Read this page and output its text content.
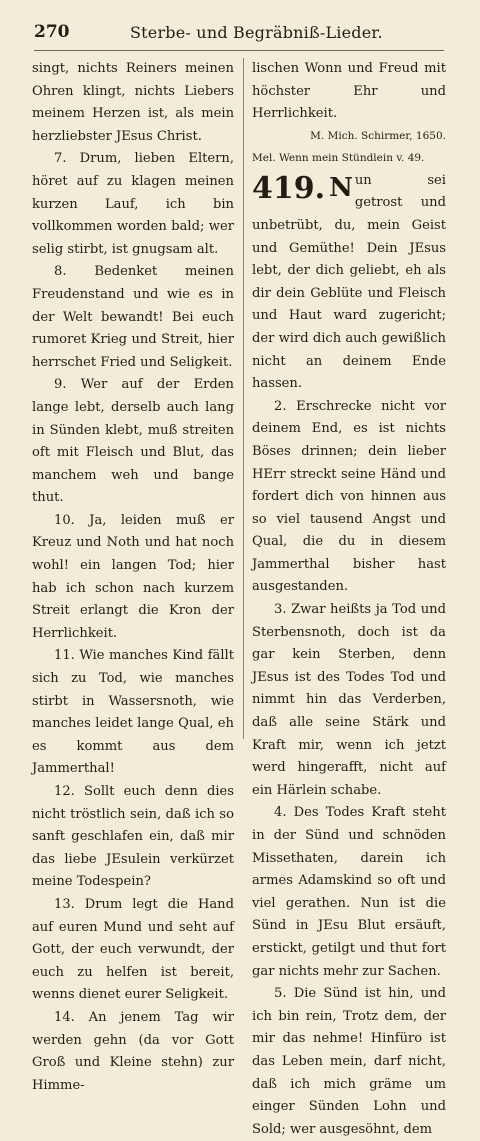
270	Sterbe- und Begräbniß-Lieder.

singt, nichts Reiners meinen Ohren klingt, nichts Liebers meinem Herzen ist, als mein herzliebster JEsus Christ.

7. Drum, lieben Eltern, höret auf zu klagen meinen kurzen Lauf, ich bin vollkommen worden bald; wer selig stirbt, ist gnugsam alt.

8. Bedenket meinen Freudenstand und wie es in der Welt bewandt! Bei euch rumoret Krieg und Streit, hier herrschet Fried und Seligkeit.

9. Wer auf der Erden lange lebt, derselb auch lang in Sünden klebt, muß streiten oft mit Fleisch und Blut, das manchem weh und bange thut.

10. Ja, leiden muß er Kreuz und Noth und hat noch wohl! ein langen Tod; hier hab ich schon nach kurzem Streit erlangt die Kron der Herrlichkeit.

11. Wie manches Kind fällt sich zu Tod, wie manches stirbt in Wassersnoth, wie manches leidet lange Qual, eh es kommt aus dem Jammerthal!

12. Sollt euch denn dies nicht tröstlich sein, daß ich so sanft geschlafen ein, daß mir das liebe JEsulein verkürzet meine Todespein?

13. Drum legt die Hand auf euren Mund und seht auf Gott, der euch verwundt, der euch zu helfen ist bereit, wenns dienet eurer Seligkeit.

14. An jenem Tag wir werden gehn (da vor Gott Groß und Kleine stehn) zur Himme-

lischen Wonn und Freud mit höchster Ehr und Herrlichkeit.

M. Mich. Schirmer, 1650.

Mel. Wenn mein Stündlein v. 49.

419. N un sei getrost und unbetrübt, du, mein Geist und Gemüthe! Dein JEsus lebt, der dich geliebt, eh als dir dein Geblüte und Fleisch und Haut ward zugericht; der wird dich auch gewißlich nicht an deinem Ende hassen.

2. Erschrecke nicht vor deinem End, es ist nichts Böses drinnen; dein lieber HErr streckt seine Händ und fordert dich von hinnen aus so viel tausend Angst und Qual, die du in diesem Jammerthal bisher hast ausgestanden.

3. Zwar heißts ja Tod und Sterbensnoth, doch ist da gar kein Sterben, denn JEsus ist des Todes Tod und nimmt hin das Verderben, daß alle seine Stärk und Kraft mir, wenn ich jetzt werd hingerafft, nicht auf ein Härlein schabe.

4. Des Todes Kraft steht in der Sünd und schnöden Missethaten, darein ich armes Adamskind so oft und viel gerathen. Nun ist die Sünd in JEsu Blut ersäuft, erstickt, getilgt und thut fort gar nichts mehr zur Sachen.

5. Die Sünd ist hin, und ich bin rein, Trotz dem, der mir das nehme! Hinfüro ist das Leben mein, darf nicht, daß ich mich gräme um einger Sünden Lohn und Sold; wer ausgesöhnt, dem
